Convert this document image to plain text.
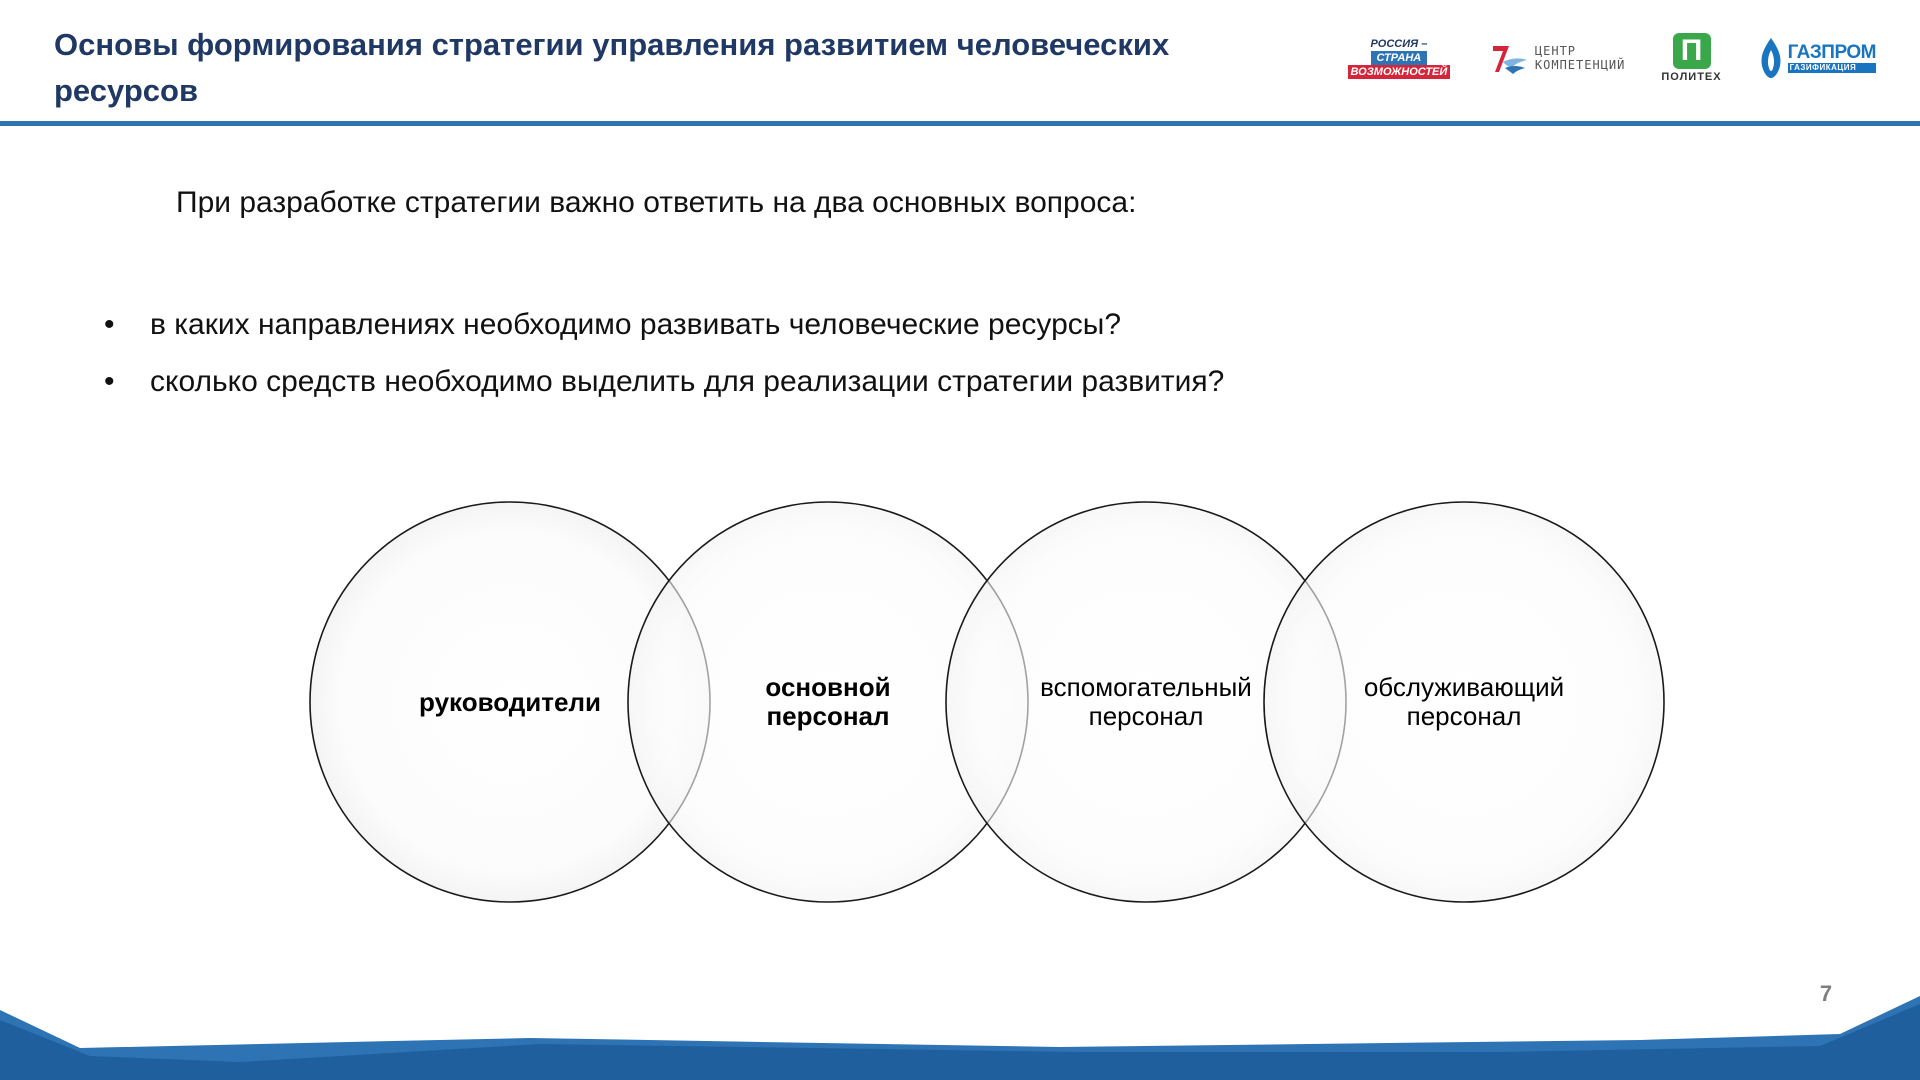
Основы формирования стратегии управления развитием человеческих ресурсов
РОССИЯ –
СТРАНА
ВОЗМОЖНОСТЕЙ
ЦЕНТР
КОМПЕТЕНЦИЙ П
ПОЛИТЕХ
ГАЗПРОМ
ГАЗИФИКАЦИЯ
При разработке стратегии важно ответить на два основных вопроса:
• в каких направлениях необходимо развивать человеческие ресурсы?
• сколько средств необходимо выделить для реализации стратегии развития?
руководители	основной
персонал
вспомогательный
персонал
обслуживающий
персонал
7
